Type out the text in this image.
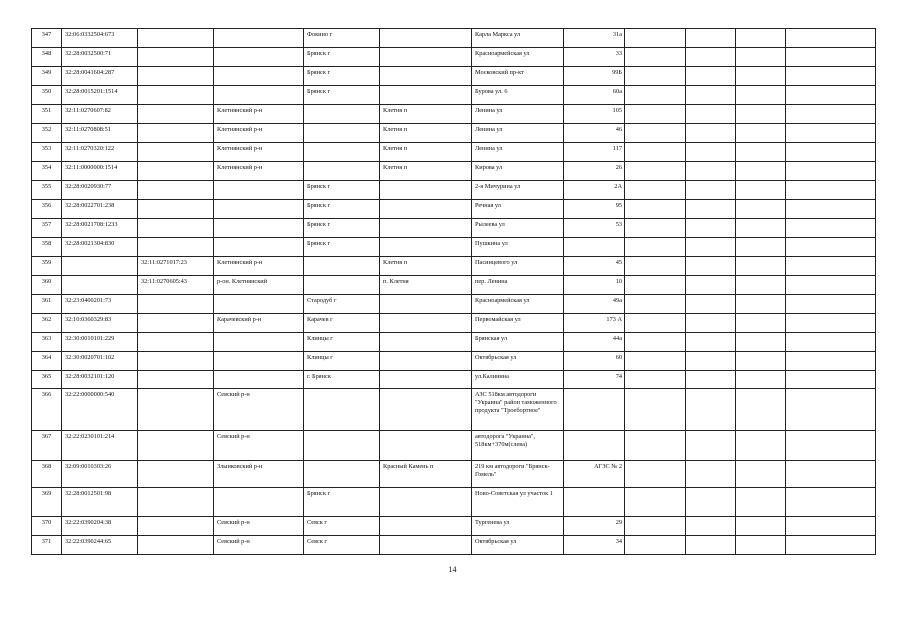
347	32:06:0332504:673			Фокино г		Карла Маркса ул	31а				
348	32:28:0032500:71			Брянск г		Красноармейская ул	33				
349	32:28:0041604:287			Брянск г		Московский пр-кт	99Б				
350	32:28:0015201:1514			Брянск г		Бурова ул. 6	60а				
351	32:11:0270607:82		Клетнянский р-н		Клетня п	Ленина ул	105				
352	32:11:0270808:51		Клетнянский р-н		Клетня п	Ленина ул	46				
353	32:11:0270320:122		Клетнянский р-н		Клетня п	Ленина ул	117				
354	32:11:0000000:1514		Клетнянский р-н		Клетня п	Кирова ул	26				
355	32:28:0020930:77			Брянск г		2-я Мичурина ул	2А				
356	32:28:0022701:238			Брянск г		Речная ул	95				
357	32:28:0021708:1233			Брянск г		Рылеева ул	53				
358	32:28:0021304:830			Брянск г		Пушкина ул					
359		32:11:0271017:23	Клетнянский р-н		Клетня п	Пасинцевого ул	45				
360		32:11:0270605:43	р-он. Клетнянский		п. Клетня	пер. Ленина	10				
361	32:23:0400201:73			Стародуб г		Красноармейская ул	49а				
362	32:10:0360329:83		Карачевский р-н	Карачев г		Первомайская ул	173 А				
363	32:30:0010101:229			Клинцы г		Брянская ул	44а				
364	32:30:0020701:102			Клинцы г		Октябрьская ул	60				
365	32:28:0032101:120			г. Брянск		ул.Калинина	74				
366	32:22:0000000:540		Севский р-н			АЗС 518км автодороги "Украина" район таможенного продукта "Троебортное"					
367	32:22:0230101:214		Севский р-н			автодорога "Украина", 518км+370м(слева)					
368	32:09:0010303:26		Злынковский р-н		Красный Камень п	219 км автодороги "Брянск-Гомель"	АГЗС № 2				
369	32:28:0012501:98			Брянск г		Ново-Советская ул участок 1					
370	32:22:0390204:38		Севский р-н	Севск г		Тургенева ул	29				
371	32:22:0390244:65		Севский р-н	Севск г		Октябрьская ул	34				
14
